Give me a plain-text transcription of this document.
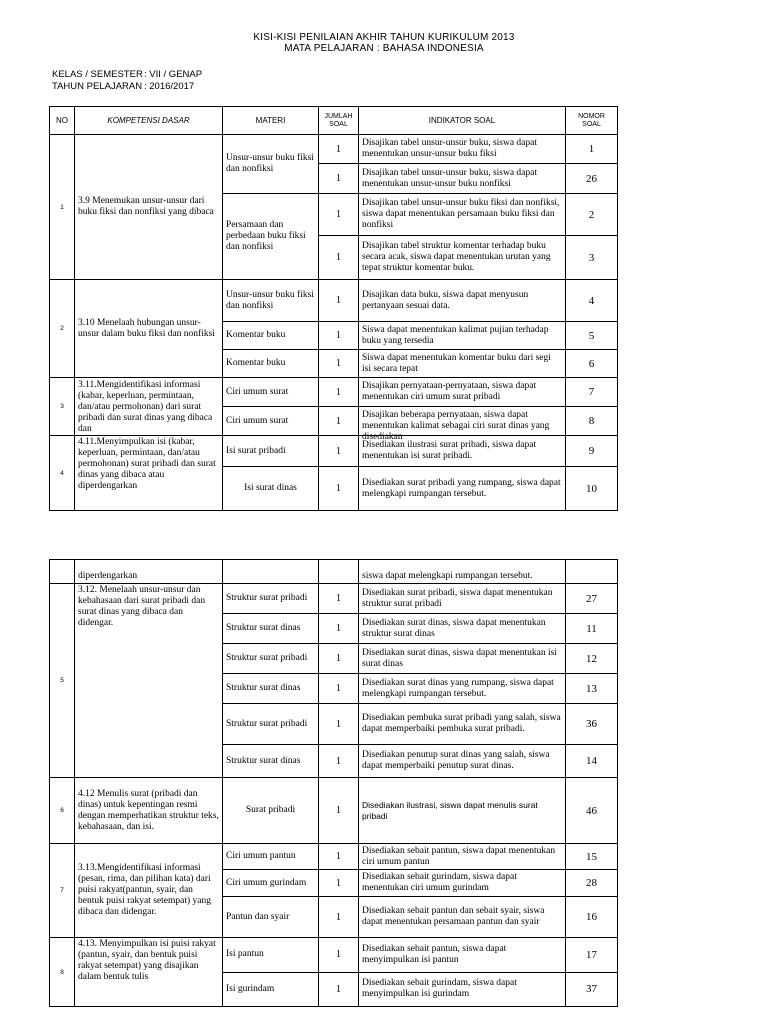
KISI-KISI PENILAIAN AKHIR TAHUN KURIKULUM 2013
MATA PELAJARAN : BAHASA INDONESIA
KELAS / SEMESTER: VII / GENAP
TAHUN PELAJARAN : 2016/2017
NO	KOMPETENSI DASAR	MATERI	JUMLAH SOAL	INDIKATOR SOAL	NOMOR SOAL
1	3.9 Menemukan unsur-unsur dari buku fiksi dan nonfiksi yang dibaca	Unsur-unsur buku fiksi dan nonfiksi	1	Disajikan tabel unsur-unsur buku, siswa dapat menentukan unsur-unsur buku fiksi	1
			1	Disajikan tabel unsur-unsur buku, siswa dapat menentukan unsur-unsur buku nonfiksi	26
		Persamaan dan perbedaan buku fiksi dan nonfiksi	1	Disajikan tabel unsur-unsur buku fiksi dan nonfiksi, siswa dapat menentukan persamaan buku fiksi dan nonfiksi	2
			1	Disajikan tabel struktur komentar terhadap buku secara acak, siswa dapat menentukan urutan yang tepat struktur komentar buku.	3
2	3.10 Menelaah hubungan unsur-unsur dalam buku fiksi dan nonfiksi	Unsur-unsur buku fiksi dan nonfiksi	1	Disajikan data buku, siswa dapat menyusun pertanyaan sesuai data.	4
		Komentar buku	1	Siswa dapat menentukan kalimat pujian terhadap buku yang tersedia	5
		Komentar buku	1	Siswa dapat menentukan komentar buku dari segi isi secara tepat	6
3	3.11.Mengidentifikasi informasi (kabar, keperluan, permintaan, dan/atau permohonan) dari surat pribadi dan surat dinas yang dibaca dan	Ciri umum surat	1	Disajikan pernyataan-pernyataan, siswa dapat menentukan ciri umum surat pribadi	7
		Ciri umum surat	1	Disajikan beberapa pernyataan, siswa dapat menentukan kalimat sebagai ciri surat dinas yang disediakan	8
4	4.11.Menyimpulkan isi (kabar, keperluan, permintaan, dan/atau permohonan) surat pribadi dan surat dinas yang dibaca atau diperdengarkan	Isi surat pribadi	1	Disediakan ilustrasi surat pribadi, siswa dapat menentukan isi surat pribadi.	9
		Isi surat dinas	1	Disediakan surat pribadi yang rumpang, siswa dapat melengkapi rumpangan tersebut.	10
	diperdengarkan			siswa dapat melengkapi rumpangan tersebut.	
5	3.12. Menelaah unsur-unsur dan kebahasaan dari surat pribadi dan surat dinas yang dibaca dan didengar.	Struktur surat pribadi	1	Disediakan surat pribadi, siswa dapat menentukan struktur surat pribadi	27
		Struktur surat dinas	1	Disediakan surat dinas, siswa dapat menentukan struktur surat dinas	11
		Struktur surat pribadi	1	Disediakan surat dinas, siswa dapat menentukan isi surat dinas	12
		Struktur surat dinas	1	Disediakan surat dinas yang rumpang, siswa dapat melengkapi rumpangan tersebut.	13
		Struktur surat pribadi	1	Disediakan pembuka surat pribadi yang salah, siswa dapat memperbaiki pembuka surat pribadi.	36
		Struktur surat dinas	1	Disediakan penutup surat dinas yang salah, siswa dapat memperbaiki penutup surat dinas.	14
6	4.12 Menulis surat (pribadi dan dinas) untuk kepentingan resmi dengan memperhatikan struktur teks, kebahasaan, dan isi.	Surat pribadi	1	Disediakan ilustrasi, siswa dapat menulis surat pribadi	46
7	3.13.Mengidentifikasi informasi (pesan, rima, dan pilihan kata) dari puisi rakyat(pantun, syair, dan bentuk puisi rakyat setempat) yang dibaca dan didengar.	Ciri umum pantun	1	Disediakan sebait pantun, siswa dapat menentukan ciri umum pantun	15
		Ciri umum gurindam	1	Disediakan sebait gurindam, siswa dapat menentukan ciri umum gurindam	28
		Pantun dan syair	1	Disediakan sebait pantun dan sebait syair, siswa dapat menentukan persamaan pantun dan syair	16
8	4.13. Menyimpulkan isi puisi rakyat (pantun, syair, dan bentuk puisi rakyat setempat) yang disajikan dalam bentuk tulis	Isi pantun	1	Disediakan sebait pantun, siswa dapat menyimpulkan isi pantun	17
		Isi gurindam	1	Disediakan sebait gurindam, siswa dapat menyimpulkan isi gurindam	37
